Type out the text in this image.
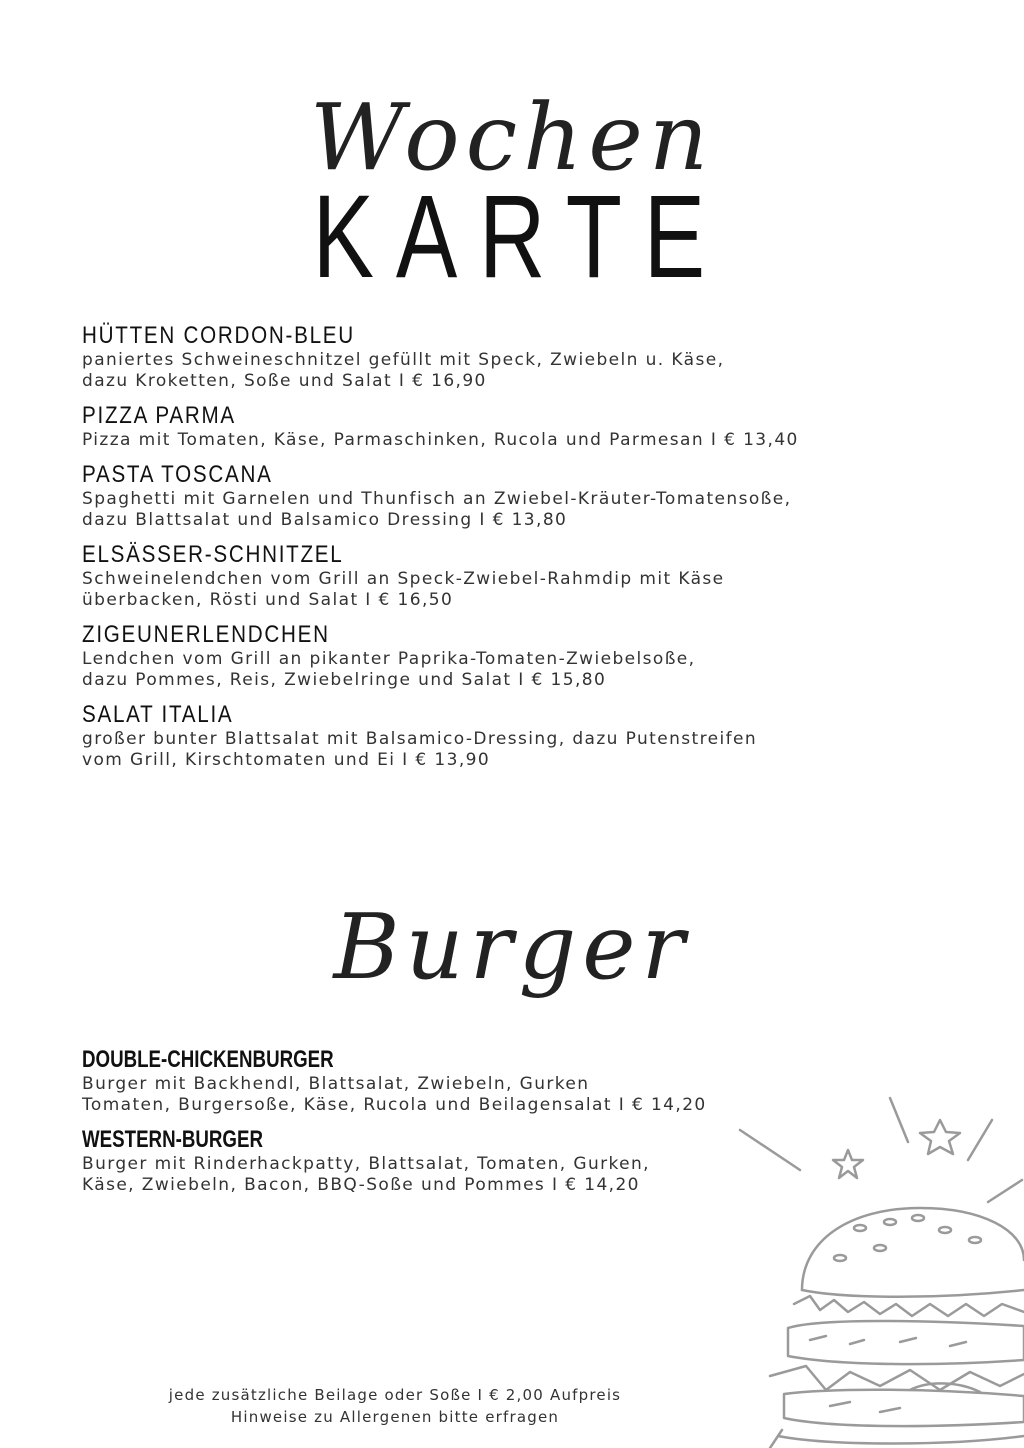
Wochen
KARTE
HÜTTEN CORDON-BLEU
paniertes Schweineschnitzel gefüllt mit Speck, Zwiebeln u. Käse,
dazu Kroketten, Soße und Salat I € 16,90
PIZZA PARMA
Pizza mit Tomaten, Käse, Parmaschinken, Rucola und Parmesan I € 13,40
PASTA TOSCANA
Spaghetti mit Garnelen und Thunfisch an Zwiebel-Kräuter-Tomatensoße,
dazu Blattsalat und Balsamico Dressing I € 13,80
ELSÄSSER-SCHNITZEL
Schweinelendchen vom Grill an Speck-Zwiebel-Rahmdip mit Käse
überbacken, Rösti und Salat I € 16,50
ZIGEUNERLENDCHEN
Lendchen vom Grill an pikanter Paprika-Tomaten-Zwiebelsoße,
dazu Pommes, Reis, Zwiebelringe und Salat I € 15,80
SALAT ITALIA
großer bunter Blattsalat mit Balsamico-Dressing, dazu Putenstreifen
vom Grill, Kirschtomaten und Ei I € 13,90
Burger
DOUBLE-CHICKENBURGER
Burger mit Backhendl, Blattsalat, Zwiebeln, Gurken
Tomaten, Burgersoße, Käse, Rucola und Beilagensalat I € 14,20
WESTERN-BURGER
Burger mit Rinderhackpatty, Blattsalat, Tomaten, Gurken,
Käse, Zwiebeln, Bacon, BBQ-Soße und Pommes I € 14,20
jede zusätzliche Beilage oder Soße I € 2,00 Aufpreis
Hinweise zu Allergenen bitte erfragen
